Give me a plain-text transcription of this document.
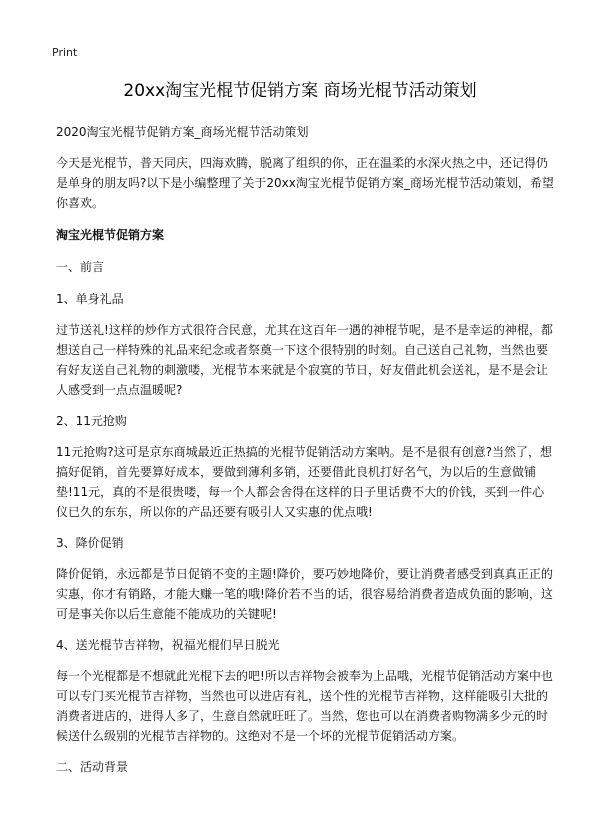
Print
20xx淘宝光棍节促销方案 商场光棍节活动策划

2020淘宝光棍节促销方案_商场光棍节活动策划

今天是光棍节，普天同庆，四海欢腾，脱离了组织的你，正在温柔的水深火热之中，还记得仍是单身的朋友吗?以下是小编整理了关于20xx淘宝光棍节促销方案_商场光棍节活动策划，希望你喜欢。

淘宝光棍节促销方案

一、前言

1、单身礼品

过节送礼!这样的炒作方式很符合民意，尤其在这百年一遇的神棍节呢，是不是幸运的神棍，都想送自己一样特殊的礼品来纪念或者祭奠一下这个很特别的时刻。自己送自己礼物，当然也要有好友送自己礼物的刺激喽，光棍节本来就是个寂寞的节日，好友借此机会送礼，是不是会让人感受到一点点温暖呢?

2、11元抢购

11元抢购?这可是京东商城最近正热搞的光棍节促销活动方案呐。是不是很有创意?当然了，想搞好促销，首先要算好成本，要做到薄利多销，还要借此良机打好名气，为以后的生意做铺垫!11元，真的不是很贵喽，每一个人都会舍得在这样的日子里话费不大的价钱，买到一件心仪已久的东东，所以你的产品还要有吸引人又实惠的优点哦!

3、降价促销

降价促销，永远都是节日促销不变的主题!降价，要巧妙地降价，要让消费者感受到真真正正的实惠，你才有销路，才能大赚一笔的哦!降价若不当的话，很容易给消费者造成负面的影响，这可是事关你以后生意能不能成功的关键呢!

4、送光棍节吉祥物，祝福光棍们早日脱光

每一个光棍都是不想就此光棍下去的吧!所以吉祥物会被奉为上品哦，光棍节促销活动方案中也可以专门买光棍节吉祥物，当然也可以进店有礼，送个性的光棍节吉祥物，这样能吸引大批的消费者进店的，进得人多了，生意自然就旺旺了。当然，您也可以在消费者购物满多少元的时候送什么级别的光棍节吉祥物的。这绝对不是一个坏的光棍节促销活动方案。

二、活动背景
